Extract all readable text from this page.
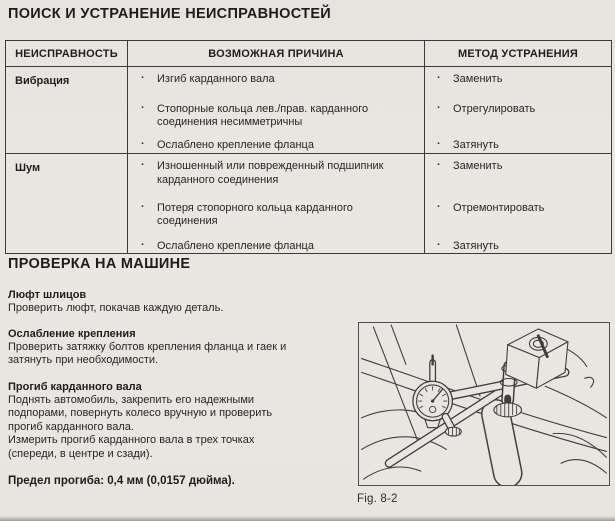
ПОИСК И УСТРАНЕНИЕ НЕИСПРАВНОСТЕЙ
НЕИСПРАВНОСТЬ	ВОЗМОЖНАЯ ПРИЧИНА	МЕТОД УСТРАНЕНИЯ
Вибрация	· Изгиб карданного вала	· Заменить

	· Стопорные кольца лев./прав. карданного соединения несимметричны	· Отрегулировать

	· Ослаблено крепление фланца	· Затянуть

Шум	· Изношенный или поврежденный подшипник карданного соединения	· Заменить

	· Потеря стопорного кольца карданного соединения	· Отремонтировать

	· Ослаблено крепление фланца	· Затянуть
ПРОВЕРКА НА МАШИНЕ
Люфт шлицов

Проверить люфт, покачав каждую деталь.

Ослабление крепления

Проверить затяжку болтов крепления фланца и гаек и затянуть при необходимости.

Прогиб карданного вала

Поднять автомобиль, закрепить его надежными подпорами, повернуть колесо вручную и проверить прогиб карданного вала.

Измерить прогиб карданного вала в трех точках (спереди, в центре и сзади).

Предел прогиба: 0,4 мм (0,0157 дюйма).

Fig. 8-2
